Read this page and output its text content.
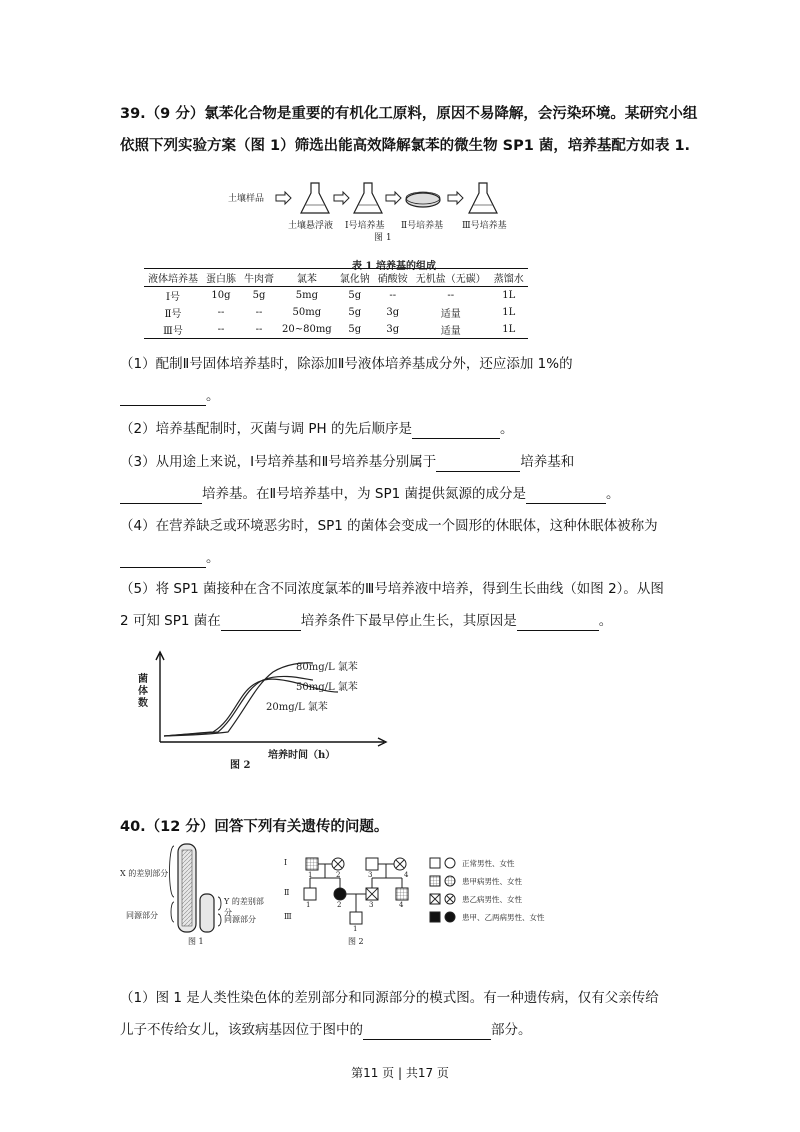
39.（9 分）氯苯化合物是重要的有机化工原料，原因不易降解，会污染环境。某研究小组
依照下列实验方案（图 1）筛选出能高效降解氯苯的微生物 SP1 菌，培养基配方如表 1.
土壤样品
土壤悬浮液 Ⅰ号培养基 Ⅱ号培养基 Ⅲ号培养基
图 1
表 1 培养基的组成
液体培养基	蛋白胨	牛肉膏	氯苯	氯化钠	硝酸铵	无机盐（无碳）	蒸馏水
Ⅰ号	10g	5g	5mg	5g	--	--	1L
Ⅱ号	--	--	50mg	5g	3g	适量	1L
Ⅲ号	--	--	20~80mg	5g	3g	适量	1L
（1）配制Ⅱ号固体培养基时，除添加Ⅱ号液体培养基成分外，还应添加 1%的
。
（2）培养基配制时，灭菌与调 PH 的先后顺序是	。
（3）从用途上来说，Ⅰ号培养基和Ⅱ号培养基分别属于	培养基和
培养基。在Ⅱ号培养基中，为 SP1 菌提供氮源的成分是	。
（4）在营养缺乏或环境恶劣时，SP1 的菌体会变成一个圆形的休眠体，这种休眠体被称为
。
（5）将 SP1 菌接种在含不同浓度氯苯的Ⅲ号培养液中培养，得到生长曲线（如图 2）。从图
2 可知 SP1 菌在	培养条件下最早停止生长，其原因是	。
菌体数
80mg/L 氯苯
50mg/L 氯苯
20mg/L 氯苯
培养时间（h）
图 2
40.（12 分）回答下列有关遗传的问题。
X 的差别部分
Y 的差别部分
同源部分	同源部分
图 1
Ⅰ
Ⅱ
Ⅲ
1	2	3	4
1	2	3	4
1
图 2
正常男性、女性
患甲病男性、女性
患乙病男性、女性
患甲、乙两病男性、女性
（1）图 1 是人类性染色体的差别部分和同源部分的模式图。有一种遗传病，仅有父亲传给
儿子不传给女儿，该致病基因位于图中的	部分。
第11 页 | 共17 页
